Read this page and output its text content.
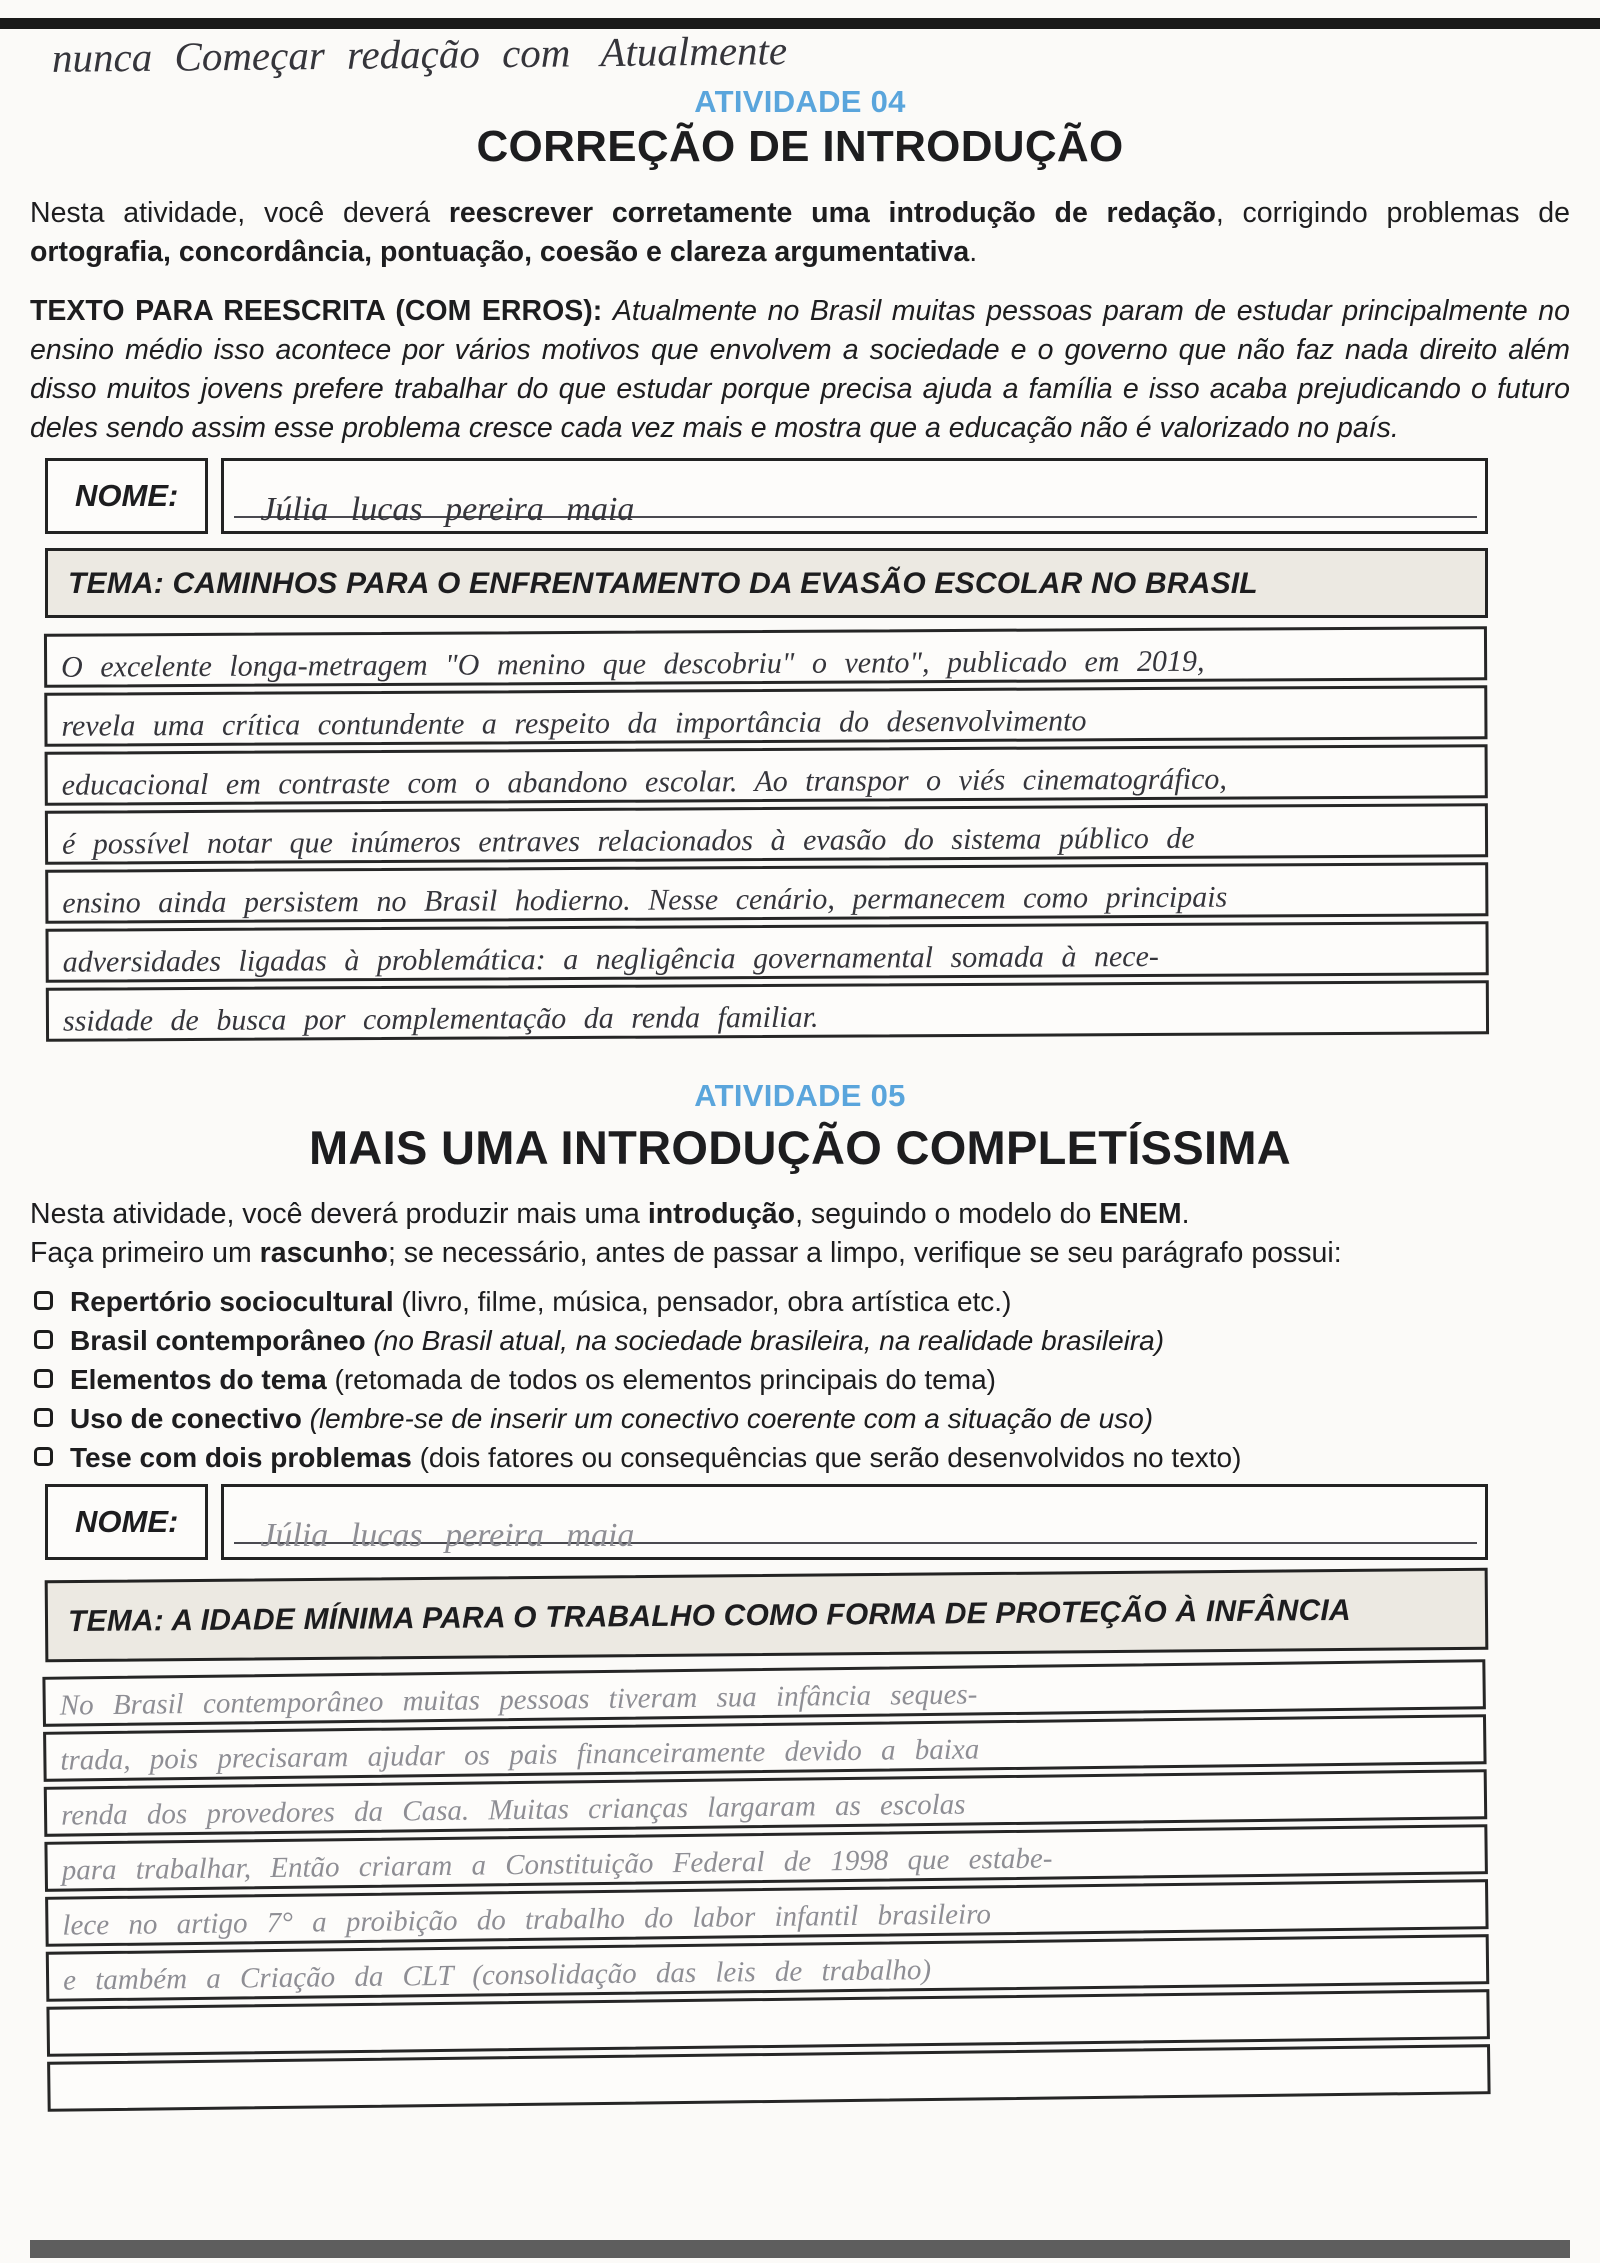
nunca Começar redação com Atualmente
ATIVIDADE 04
CORREÇÃO DE INTRODUÇÃO

Nesta atividade, você deverá reescrever corretamente uma introdução de redação, corrigindo problemas de ortografia, concordância, pontuação, coesão e clareza argumentativa.

TEXTO PARA REESCRITA (COM ERROS): Atualmente no Brasil muitas pessoas param de estudar principalmente no ensino médio isso acontece por vários motivos que envolvem a sociedade e o governo que não faz nada direito além disso muitos jovens prefere trabalhar do que estudar porque precisa ajuda a família e isso acaba prejudicando o futuro deles sendo assim esse problema cresce cada vez mais e mostra que a educação não é valorizado no país.

NOME: Júlia lucas pereira maia
TEMA: CAMINHOS PARA O ENFRENTAMENTO DA EVASÃO ESCOLAR NO BRASIL
O excelente longa-metragem "O menino que descobriu" o vento", publicado em 2019,
revela uma crítica contundente a respeito da importância do desenvolvimento
educacional em contraste com o abandono escolar. Ao transpor o viés cinematográfico,
é possível notar que inúmeros entraves relacionados à evasão do sistema público de
ensino ainda persistem no Brasil hodierno. Nesse cenário, permanecem como principais
adversidades ligadas à problemática: a negligência governamental somada à nece-
ssidade de busca por complementação da renda familiar.
ATIVIDADE 05
MAIS UMA INTRODUÇÃO COMPLETÍSSIMA
Nesta atividade, você deverá produzir mais uma introdução, seguindo o modelo do ENEM.
Faça primeiro um rascunho; se necessário, antes de passar a limpo, verifique se seu parágrafo possui:
Repertório sociocultural (livro, filme, música, pensador, obra artística etc.)
Brasil contemporâneo (no Brasil atual, na sociedade brasileira, na realidade brasileira)
Elementos do tema (retomada de todos os elementos principais do tema)
Uso de conectivo (lembre-se de inserir um conectivo coerente com a situação de uso)
Tese com dois problemas (dois fatores ou consequências que serão desenvolvidos no texto)
NOME: Júlia lucas pereira maia
TEMA: A IDADE MÍNIMA PARA O TRABALHO COMO FORMA DE PROTEÇÃO À INFÂNCIA
No Brasil contemporâneo muitas pessoas tiveram sua infância seques-
trada, pois precisaram ajudar os pais financeiramente devido a baixa
renda dos provedores da Casa. Muitas crianças largaram as escolas
para trabalhar, Então criaram a Constituição Federal de 1998 que estabe-
lece no artigo 7° a proibição do trabalho do labor infantil brasileiro
e também a Criação da CLT (consolidação das leis de trabalho)
